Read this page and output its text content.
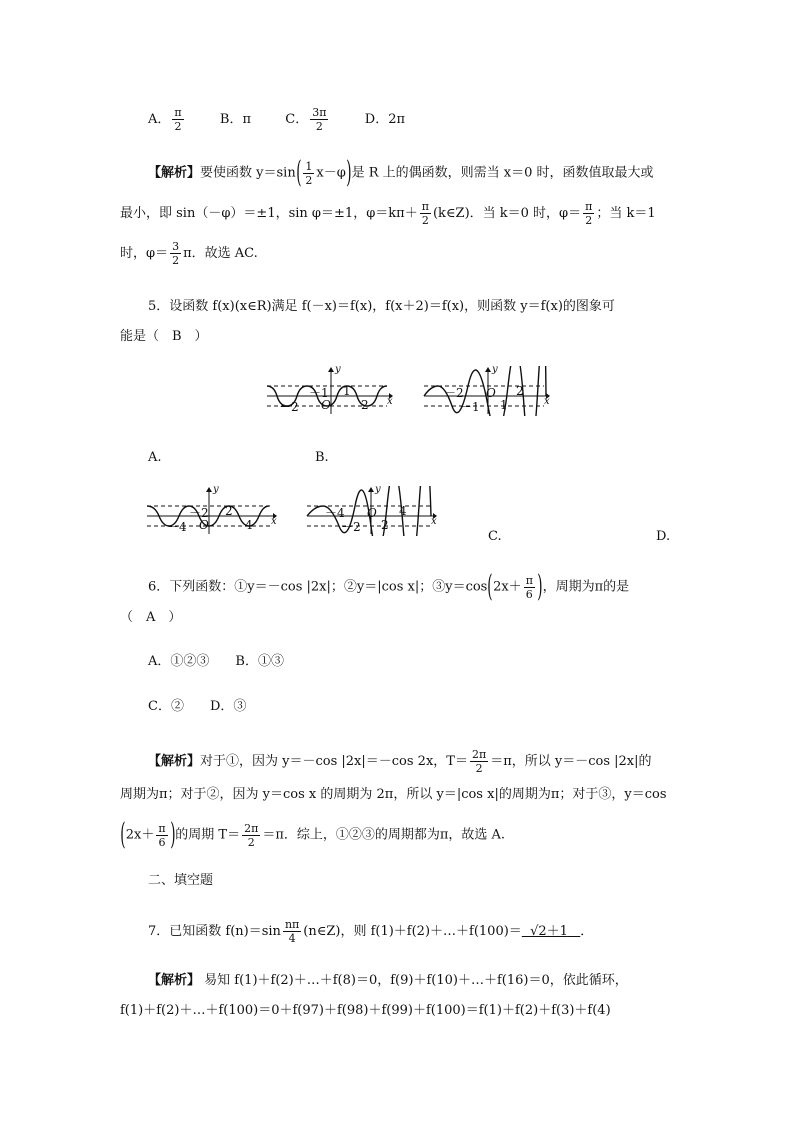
A． $\frac{\pi}{2}$	B．π	C． $\frac{3\pi}{2}$	D．2π
【解析】要使函数 $y=\sin( \frac{1}{2} x-\varphi)$是 R 上的偶函数，则需当 x＝0 时，函数值取最大或
最小，即 sin（－φ）＝±1，sin φ＝±1，$\varphi=k\pi+ \frac{\pi}{2}$ (k∈Z)．当 k＝0 时，$\varphi= \frac{\pi}{2}$ ；当 k＝1
时，$\varphi= \frac{3}{2}$ π．故选 AC.
5．设函数 f(x)(x∈R)满足 f(－x)＝f(x)，f(x＋2)＝f(x)，则函数 y＝f(x)的图象可
能是（　B　）
－2
－1
O
1
2 x
y
－2
－1
O
1
2
x
y
A.	B.
－4
－2
O
2
4 x
y
－4
－2
O
2
4
x
y
C.	D.
6．下列函数：①y＝－cos |2x|；②y＝|cos x|；③y＝cos(2x＋ $\frac{\pi}{6}$ )，周期为π的是
（　A　）
A．①②③　　B．①③
C．②　　D．③
【解析】对于①，因为 y＝－cos |2x|＝－cos 2x，$T= \frac{2\pi}{2} =\pi$，所以 y＝－cos |2x|的
周期为π；对于②，因为 y＝cos x 的周期为 2π，所以 y＝|cos x|的周期为π；对于③，y＝cos
($2x+ \frac{\pi}{6}$ )的周期 $T= \frac{2\pi}{2} =\pi$．综上，①②③的周期都为π，故选 A.
二、填空题
7．已知函数 $f(n)=\sin \frac{n\pi}{4}$ (n∈Z)，则 f(1)＋f(2)＋…＋f(100)＝ √2＋1 ．
【解析】 易知 f(1)＋f(2)＋…＋f(8)＝0，f(9)＋f(10)＋…＋f(16)＝0，依此循环，
f(1)＋f(2)＋…＋f(100)＝0＋f(97)＋f(98)＋f(99)＋f(100)＝f(1)＋f(2)＋f(3)＋f(4)
